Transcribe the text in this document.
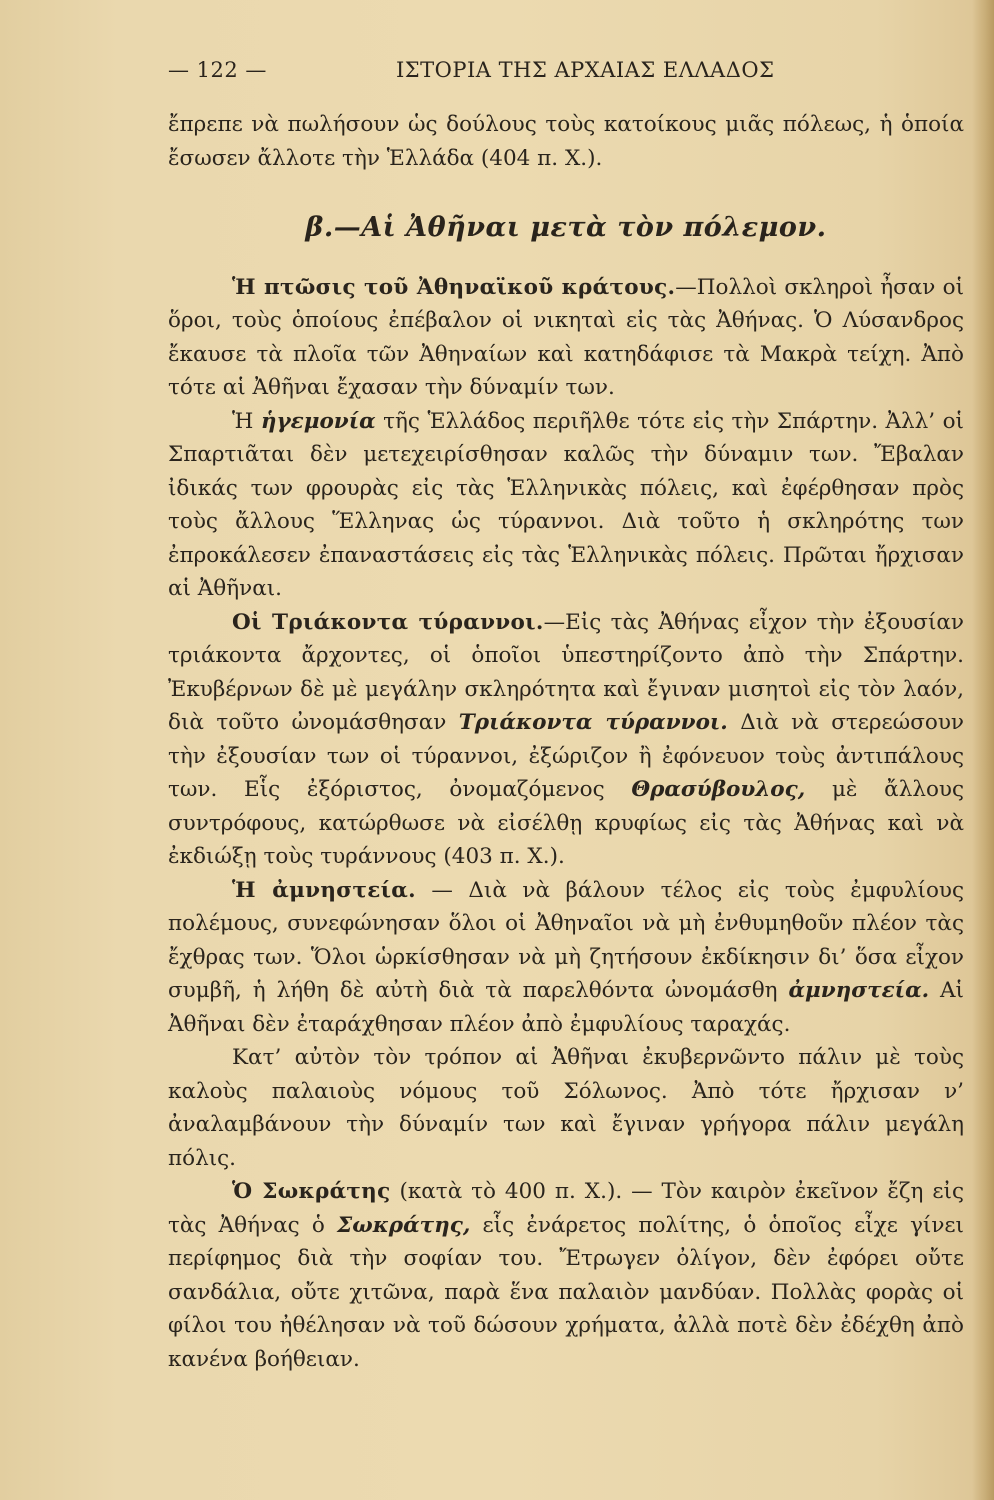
— 122 —	ΙΣΤΟΡΙΑ ΤΗΣ ΑΡΧΑΙΑΣ ΕΛΛΑΔΟΣ

ἔπρεπε νὰ πωλήσουν ὡς δούλους τοὺς κατοίκους μιᾶς πόλεως, ἡ ὁποία ἔσωσεν ἄλλοτε τὴν Ἑλλάδα (404 π. Χ.).

β.—Αἱ Ἀθῆναι μετὰ τὸν πόλεμον.

Ἡ πτῶσις τοῦ Ἀθηναϊκοῦ κράτους.—Πολλοὶ σκληροὶ ἦσαν οἱ ὅροι, τοὺς ὁποίους ἐπέβαλον οἱ νικηταὶ εἰς τὰς Ἀθήνας. Ὁ Λύσανδρος ἔκαυσε τὰ πλοῖα τῶν Ἀθηναίων καὶ κατηδάφισε τὰ Μακρὰ τείχη. Ἀπὸ τότε αἱ Ἀθῆναι ἔχασαν τὴν δύναμίν των.

Ἡ ἡγεμονία τῆς Ἑλλάδος περιῆλθε τότε εἰς τὴν Σπάρτην. Ἀλλ’ οἱ Σπαρτιᾶται δὲν μετεχειρίσθησαν καλῶς τὴν δύναμιν των. Ἔβαλαν ἰδικάς των φρουρὰς εἰς τὰς Ἑλληνικὰς πόλεις, καὶ ἐφέρθησαν πρὸς τοὺς ἄλλους Ἕλληνας ὡς τύραννοι. Διὰ τοῦτο ἡ σκληρότης των ἐπροκάλεσεν ἐπαναστάσεις εἰς τὰς Ἑλληνικὰς πόλεις. Πρῶται ἤρχισαν αἱ Ἀθῆναι.

Οἱ Τριάκοντα τύραννοι.—Εἰς τὰς Ἀθήνας εἶχον τὴν ἐξουσίαν τριάκοντα ἄρχοντες, οἱ ὁποῖοι ὑπεστηρίζοντο ἀπὸ τὴν Σπάρτην. Ἐκυβέρνων δὲ μὲ μεγάλην σκληρότητα καὶ ἔγιναν μισητοὶ εἰς τὸν λαόν, διὰ τοῦτο ὠνομάσθησαν Τριάκοντα τύραννοι. Διὰ νὰ στερεώσουν τὴν ἐξουσίαν των οἱ τύραννοι, ἐξώριζον ἢ ἐφόνευον τοὺς ἀντιπάλους των. Εἷς ἐξόριστος, ὀνομαζόμενος Θρασύβουλος, μὲ ἄλλους συντρόφους, κατώρθωσε νὰ εἰσέλθῃ κρυφίως εἰς τὰς Ἀθήνας καὶ νὰ ἐκδιώξῃ τοὺς τυράννους (403 π. Χ.).

Ἡ ἀμνηστεία. — Διὰ νὰ βάλουν τέλος εἰς τοὺς ἐμφυλίους πολέμους, συνεφώνησαν ὅλοι οἱ Ἀθηναῖοι νὰ μὴ ἐνθυμηθοῦν πλέον τὰς ἔχθρας των. Ὅλοι ὡρκίσθησαν νὰ μὴ ζητήσουν ἐκδίκησιν δι’ ὅσα εἶχον συμβῆ, ἡ λήθη δὲ αὐτὴ διὰ τὰ παρελθόντα ὠνομάσθη ἀμνηστεία. Αἱ Ἀθῆναι δὲν ἐταράχθησαν πλέον ἀπὸ ἐμφυλίους ταραχάς.

Κατ’ αὐτὸν τὸν τρόπον αἱ Ἀθῆναι ἐκυβερνῶντο πάλιν μὲ τοὺς καλοὺς παλαιοὺς νόμους τοῦ Σόλωνος. Ἀπὸ τότε ἤρχισαν ν’ ἀναλαμβάνουν τὴν δύναμίν των καὶ ἔγιναν γρήγορα πάλιν μεγάλη πόλις.

Ὁ Σωκράτης (κατὰ τὸ 400 π. Χ.). — Τὸν καιρὸν ἐκεῖνον ἔζη εἰς τὰς Ἀθήνας ὁ Σωκράτης, εἷς ἐνάρετος πολίτης, ὁ ὁποῖος εἶχε γίνει περίφημος διὰ τὴν σοφίαν του. Ἔτρωγεν ὀλίγον, δὲν ἐφόρει οὔτε σανδάλια, οὔτε χιτῶνα, παρὰ ἕνα παλαιὸν μανδύαν. Πολλὰς φορὰς οἱ φίλοι του ἠθέλησαν νὰ τοῦ δώσουν χρήματα, ἀλλὰ ποτὲ δὲν ἐδέχθη ἀπὸ κανένα βοήθειαν.
